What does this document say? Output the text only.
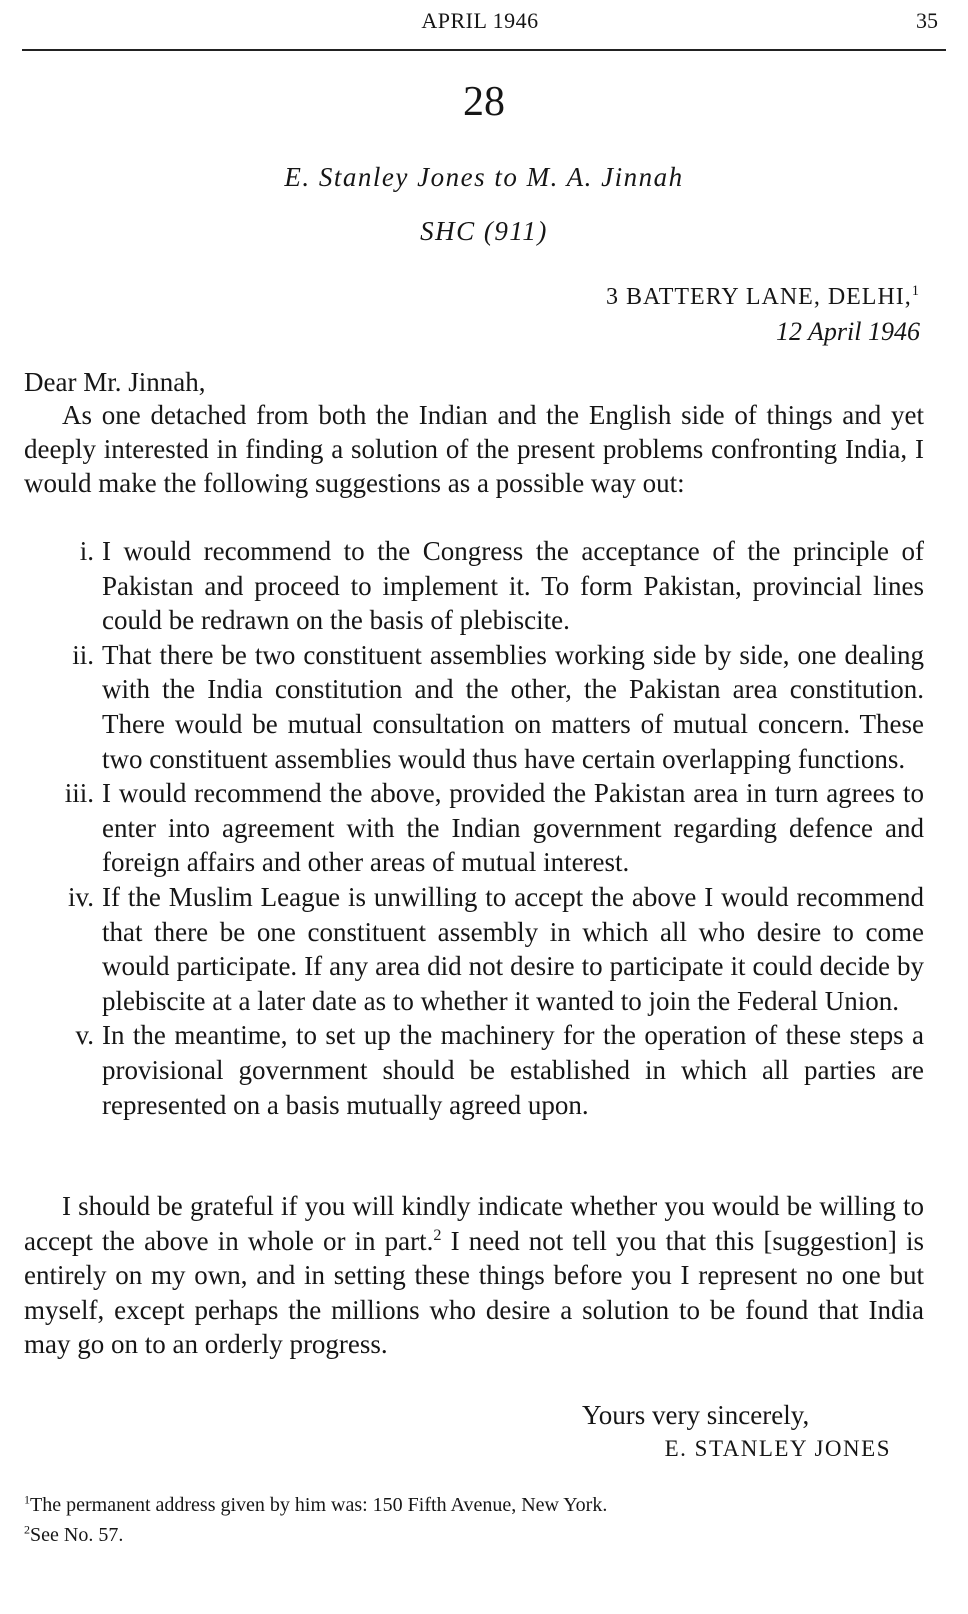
APRIL 1946	35
28
E. Stanley Jones to M. A. Jinnah
SHC (911)
3 BATTERY LANE, DELHI,$^1$
12 April 1946
Dear Mr. Jinnah,
As one detached from both the Indian and the English side of things and yet deeply interested in finding a solution of the present problems confronting India, I would make the following suggestions as a possible way out:
i. I would recommend to the Congress the acceptance of the principle of Pakistan and proceed to implement it. To form Pakistan, provincial lines could be redrawn on the basis of plebiscite.
ii. That there be two constituent assemblies working side by side, one dealing with the India constitution and the other, the Pakistan area constitution. There would be mutual consultation on matters of mutual concern. These two constituent assemblies would thus have certain overlapping functions.
iii. I would recommend the above, provided the Pakistan area in turn agrees to enter into agreement with the Indian government regarding defence and foreign affairs and other areas of mutual interest.
iv. If the Muslim League is unwilling to accept the above I would recommend that there be one constituent assembly in which all who desire to come would participate. If any area did not desire to participate it could decide by plebiscite at a later date as to whether it wanted to join the Federal Union.
v. In the meantime, to set up the machinery for the operation of these steps a provisional government should be established in which all parties are represented on a basis mutually agreed upon.
I should be grateful if you will kindly indicate whether you would be willing to accept the above in whole or in part.$^2$ I need not tell you that this [suggestion] is entirely on my own, and in setting these things before you I represent no one but myself, except perhaps the millions who desire a solution to be found that India may go on to an orderly progress.
Yours very sincerely,
E. STANLEY JONES
$^1$The permanent address given by him was: 150 Fifth Avenue, New York.
$^2$See No. 57.
